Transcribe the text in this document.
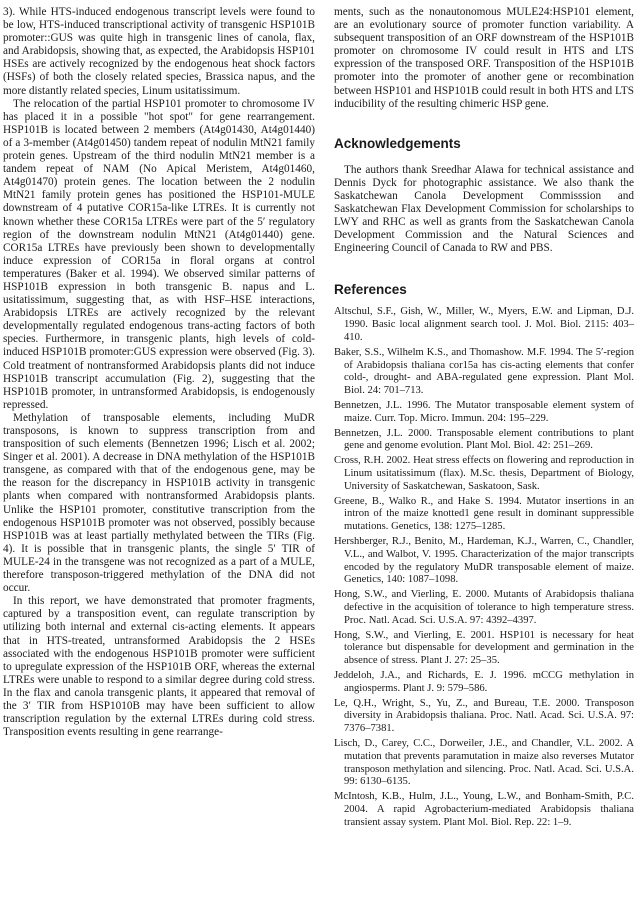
3). While HTS-induced endogenous transcript levels were found to be low, HTS-induced transcriptional activity of transgenic HSP101B promoter::GUS was quite high in transgenic lines of canola, flax, and Arabidopsis, showing that, as expected, the Arabidopsis HSP101 HSEs are actively recognized by the endogenous heat shock factors (HSFs) of both the closely related species, Brassica napus, and the more distantly related species, Linum usitatissimum.

The relocation of the partial HSP101 promoter to chromosome IV has placed it in a possible "hot spot" for gene rearrangement. HSP101B is located between 2 members (At4g01430, At4g01440) of a 3-member (At4g01450) tandem repeat of nodulin MtN21 family protein genes. Upstream of the third nodulin MtN21 member is a tandem repeat of NAM (No Apical Meristem, At4g01460, At4g01470) protein genes. The location between the 2 nodulin MtN21 family protein genes has positioned the HSP101-MULE downstream of 4 putative COR15a-like LTREs. It is currently not known whether these COR15a LTREs were part of the 5′ regulatory region of the downstream nodulin MtN21 (At4g01440) gene. COR15a LTREs have previously been shown to developmentally induce expression of COR15a in floral organs at control temperatures (Baker et al. 1994). We observed similar patterns of HSP101B expression in both transgenic B. napus and L. usitatissimum, suggesting that, as with HSF–HSE interactions, Arabidopsis LTREs are actively recognized by the relevant developmentally regulated endogenous trans-acting factors of both species. Furthermore, in transgenic plants, high levels of cold-induced HSP101B promoter:GUS expression were observed (Fig. 3). Cold treatment of nontransformed Arabidopsis plants did not induce HSP101B transcript accumulation (Fig. 2), suggesting that the HSP101B promoter, in untransformed Arabidopsis, is endogenously repressed.

Methylation of transposable elements, including MuDR transposons, is known to suppress transcription from and transposition of such elements (Bennetzen 1996; Lisch et al. 2002; Singer et al. 2001). A decrease in DNA methylation of the HSP101B transgene, as compared with that of the endogenous gene, may be the reason for the discrepancy in HSP101B activity in transgenic plants when compared with nontransformed Arabidopsis plants. Unlike the HSP101 promoter, constitutive transcription from the endogenous HSP101B promoter was not observed, possibly because HSP101B was at least partially methylated between the TIRs (Fig. 4). It is possible that in transgenic plants, the single 5′ TIR of MULE-24 in the transgene was not recognized as a part of a MULE, therefore transposon-triggered methylation of the DNA did not occur.

In this report, we have demonstrated that promoter fragments, captured by a transposition event, can regulate transcription by utilizing both internal and external cis-acting elements. It appears that in HTS-treated, untransformed Arabidopsis the 2 HSEs associated with the endogenous HSP101B promoter were sufficient to upregulate expression of the HSP101B ORF, whereas the external LTREs were unable to respond to a similar degree during cold stress. In the flax and canola transgenic plants, it appeared that removal of the 3′ TIR from HSP1010B may have been sufficient to allow transcription regulation by the external LTREs during cold stress. Transposition events resulting in gene rearrange-

ments, such as the nonautonomous MULE24:HSP101 element, are an evolutionary source of promoter function variability. A subsequent transposition of an ORF downstream of the HSP101B promoter on chromosome IV could result in HTS and LTS expression of the transposed ORF. Transposition of the HSP101B promoter into the promoter of another gene or recombination between HSP101 and HSP101B could result in both HTS and LTS inducibility of the resulting chimeric HSP gene.

Acknowledgements

The authors thank Sreedhar Alawa for technical assistance and Dennis Dyck for photographic assistance. We also thank the Saskatchewan Canola Development Commisssion and Saskatchewan Flax Development Commission for scholarships to LWY and RHC as well as grants from the Saskatchewan Canola Development Commission and the Natural Sciences and Engineering Council of Canada to RW and PBS.

References

Altschul, S.F., Gish, W., Miller, W., Myers, E.W. and Lipman, D.J. 1990. Basic local alignment search tool. J. Mol. Biol. 2115: 403–410.

Baker, S.S., Wilhelm K.S., and Thomashow. M.F. 1994. The 5′-region of Arabidopsis thaliana cor15a has cis-acting elements that confer cold-, drought- and ABA-regulated gene expression. Plant Mol. Biol. 24: 701–713.

Bennetzen, J.L. 1996. The Mutator transposable element system of maize. Curr. Top. Micro. Immun. 204: 195–229.

Bennetzen, J.L. 2000. Transposable element contributions to plant gene and genome evolution. Plant Mol. Biol. 42: 251–269.

Cross, R.H. 2002. Heat stress effects on flowering and reproduction in Linum usitatissimum (flax). M.Sc. thesis, Department of Biology, University of Saskatchewan, Saskatoon, Sask.

Greene, B., Walko R., and Hake S. 1994. Mutator insertions in an intron of the maize knotted1 gene result in dominant suppressible mutations. Genetics, 138: 1275–1285.

Hershberger, R.J., Benito, M., Hardeman, K.J., Warren, C., Chandler, V.L., and Walbot, V. 1995. Characterization of the major transcripts encoded by the regulatory MuDR transposable element of maize. Genetics, 140: 1087–1098.

Hong, S.W., and Vierling, E. 2000. Mutants of Arabidopsis thaliana defective in the acquisition of tolerance to high temperature stress. Proc. Natl. Acad. Sci. U.S.A. 97: 4392–4397.

Hong, S.W., and Vierling, E. 2001. HSP101 is necessary for heat tolerance but dispensable for development and germination in the absence of stress. Plant J. 27: 25–35.

Jeddeloh, J.A., and Richards, E. J. 1996. mCCG methylation in angiosperms. Plant J. 9: 579–586.

Le, Q.H., Wright, S., Yu, Z., and Bureau, T.E. 2000. Transposon diversity in Arabidopsis thaliana. Proc. Natl. Acad. Sci. U.S.A. 97: 7376–7381.

Lisch, D., Carey, C.C., Dorweiler, J.E., and Chandler, V.L. 2002. A mutation that prevents paramutation in maize also reverses Mutator transposon methylation and silencing. Proc. Natl. Acad. Sci. U.S.A. 99: 6130–6135.

McIntosh, K.B., Hulm, J.L., Young, L.W., and Bonham-Smith, P.C. 2004. A rapid Agrobacterium-mediated Arabidopsis thaliana transient assay system. Plant Mol. Biol. Rep. 22: 1–9.
